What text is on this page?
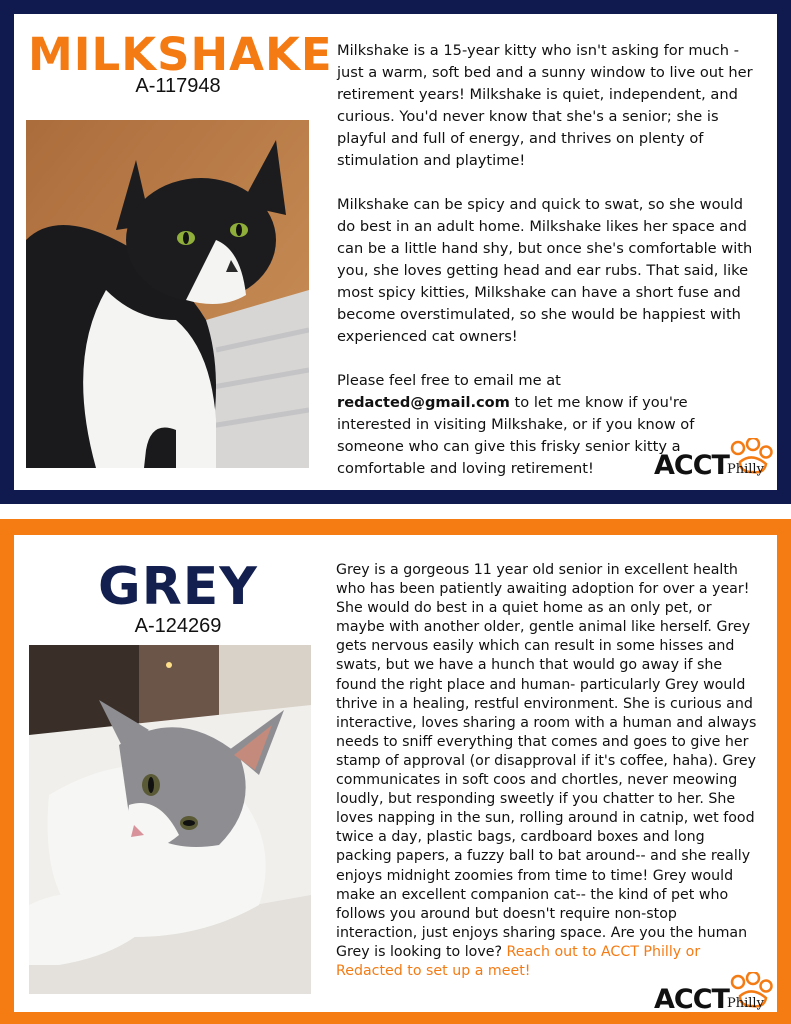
MILKSHAKE
A-117948

Milkshake is a 15-year kitty who isn't asking for much - just a warm, soft bed and a sunny window to live out her retirement years! Milkshake is quiet, independent, and curious. You'd never know that she's a senior; she is playful and full of energy, and thrives on plenty of stimulation and playtime!

Milkshake can be spicy and quick to swat, so she would do best in an adult home. Milkshake likes her space and can be a little hand shy, but once she's comfortable with you, she loves getting head and ear rubs. That said, like most spicy kitties, Milkshake can have a short fuse and become overstimulated, so she would be happiest with experienced cat owners!

Please feel free to email me at
redacted@gmail.com to let me know if you're interested in visiting Milkshake, or if you know of someone who can give this frisky senior kitty a comfortable and loving retirement!	ACCT
Philly
GREY
A-124269

Grey is a gorgeous 11 year old senior in excellent health who has been patiently awaiting adoption for over a year! She would do best in a quiet home as an only pet, or maybe with another older, gentle animal like herself. Grey gets nervous easily which can result in some hisses and swats, but we have a hunch that would go away if she found the right place and human- particularly Grey would thrive in a healing, restful environment. She is curious and interactive, loves sharing a room with a human and always needs to sniff everything that comes and goes to give her stamp of approval (or disapproval if it's coffee, haha). Grey communicates in soft coos and chortles, never meowing loudly, but responding sweetly if you chatter to her. She loves napping in the sun, rolling around in catnip, wet food twice a day, plastic bags, cardboard boxes and long packing papers, a fuzzy ball to bat around-- and she really enjoys midnight zoomies from time to time! Grey would make an excellent companion cat-- the kind of pet who follows you around but doesn't require non-stop interaction, just enjoys sharing space. Are you the human Grey is looking to love? Reach out to ACCT Philly or Redacted to set up a meet!

ACCT
Philly
